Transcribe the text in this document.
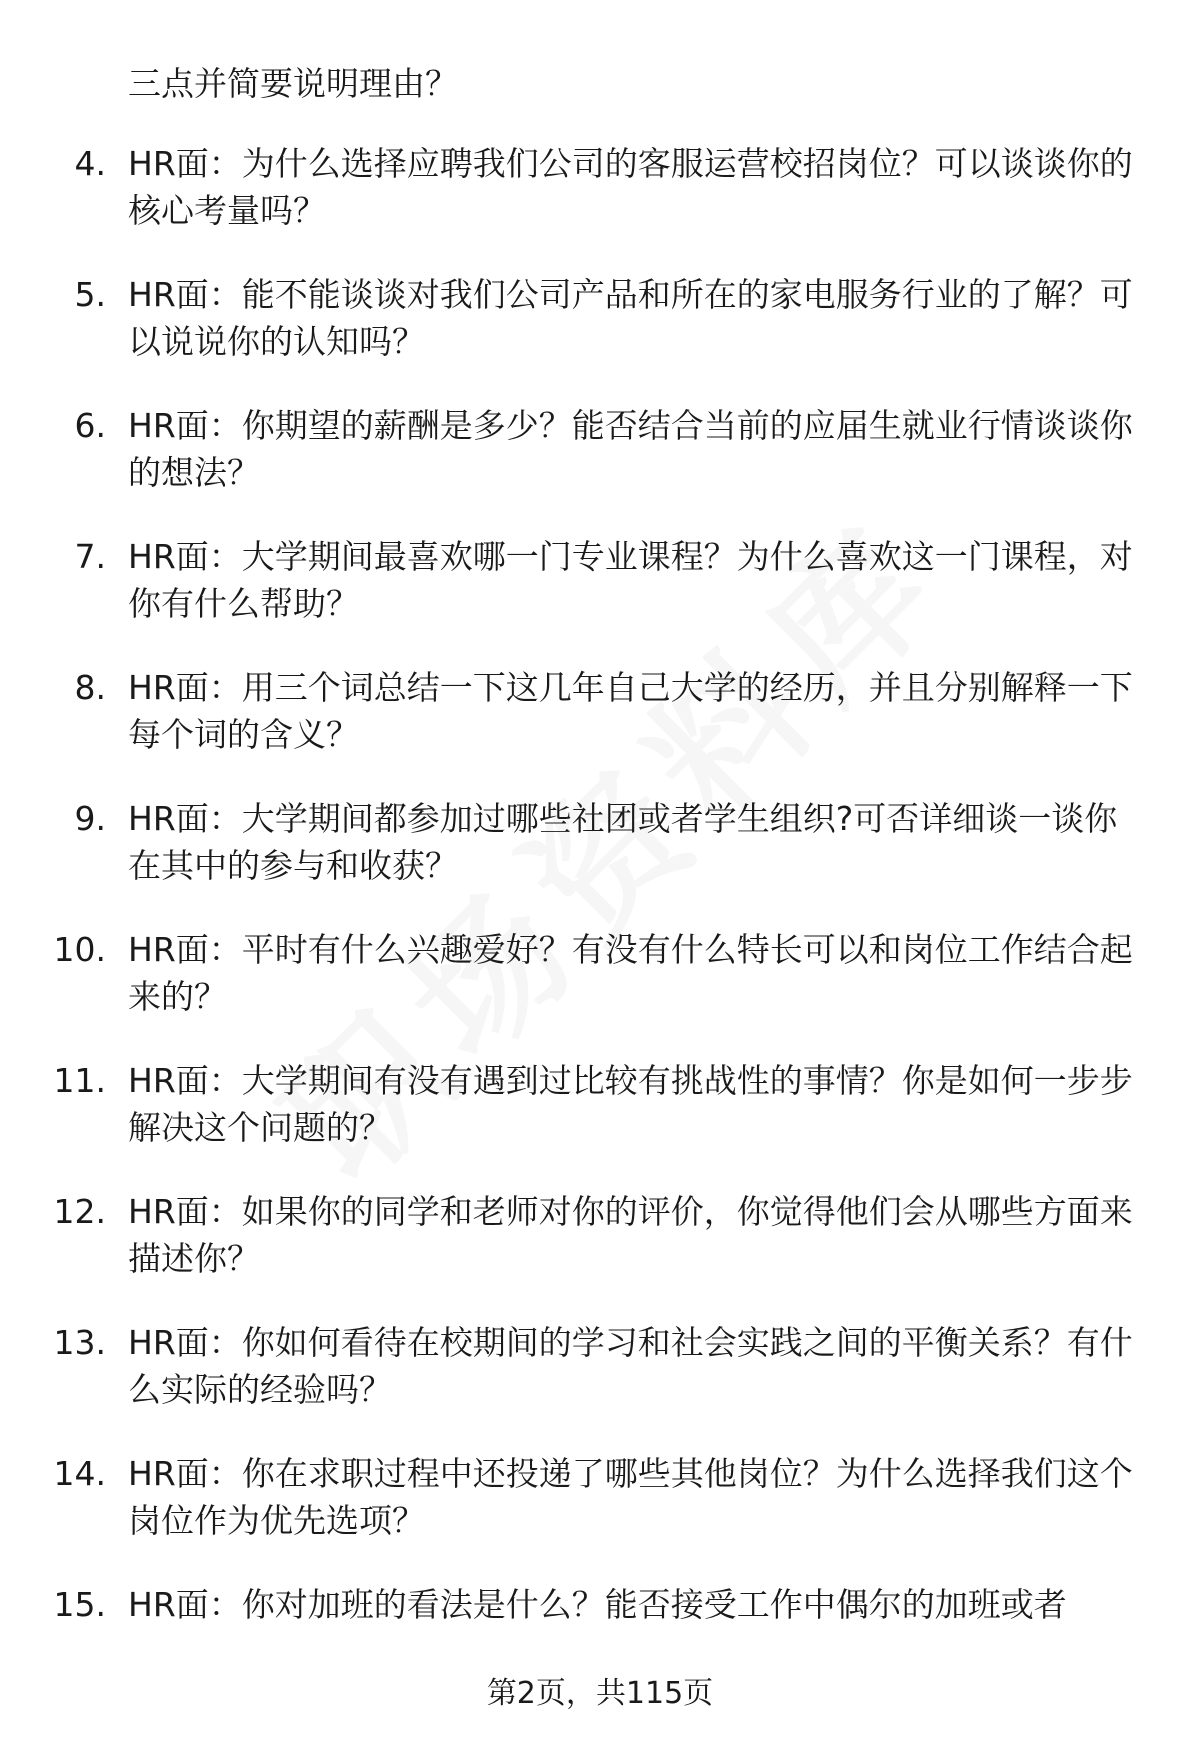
三点并简要说明理由？
4. HR面：为什么选择应聘我们公司的客服运营校招岗位？可以谈谈你的核心考量吗？
5. HR面：能不能谈谈对我们公司产品和所在的家电服务行业的了解？可以说说你的认知吗？
6. HR面：你期望的薪酬是多少？能否结合当前的应届生就业行情谈谈你的想法？
7. HR面：大学期间最喜欢哪一门专业课程？为什么喜欢这一门课程，对你有什么帮助？
8. HR面：用三个词总结一下这几年自己大学的经历，并且分别解释一下每个词的含义？
9. HR面：大学期间都参加过哪些社团或者学生组织?可否详细谈一谈你在其中的参与和收获？
10. HR面：平时有什么兴趣爱好？有没有什么特长可以和岗位工作结合起来的？
11. HR面：大学期间有没有遇到过比较有挑战性的事情？你是如何一步步解决这个问题的？
12. HR面：如果你的同学和老师对你的评价，你觉得他们会从哪些方面来描述你？
13. HR面：你如何看待在校期间的学习和社会实践之间的平衡关系？有什么实际的经验吗？
14. HR面：你在求职过程中还投递了哪些其他岗位？为什么选择我们这个岗位作为优先选项？
15. HR面：你对加班的看法是什么？能否接受工作中偶尔的加班或者
第2页，共115页
